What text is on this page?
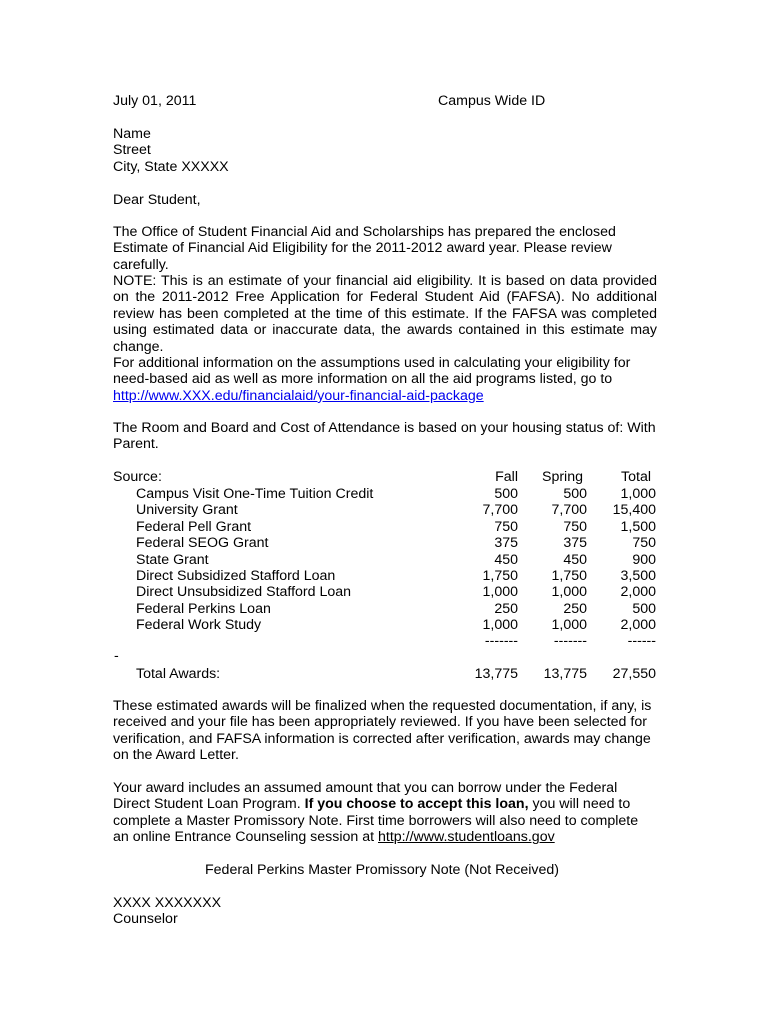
July 01, 2011	Campus Wide ID
Name
Street
City, State XXXXX
Dear Student,

The Office of Student Financial Aid and Scholarships has prepared the enclosed Estimate of Financial Aid Eligibility for the 2011-2012 award year. Please review carefully.

NOTE: This is an estimate of your financial aid eligibility. It is based on data provided on the 2011-2012 Free Application for Federal Student Aid (FAFSA). No additional review has been completed at the time of this estimate. If the FAFSA was completed using estimated data or inaccurate data, the awards contained in this estimate may change.

For additional information on the assumptions used in calculating your eligibility for need-based aid as well as more information on all the aid programs listed, go to
http://www.XXX.edu/financialaid/your-financial-aid-package

The Room and Board and Cost of Attendance is based on your housing status of: With Parent.

Source:	Fall Spring	Total
Campus Visit One-Time Tuition Credit	500	500 1,000
University Grant	7,700 7,700 15,400
Federal Pell Grant	750	750 1,500
Federal SEOG Grant	375	375	750
State Grant	450	450	900
Direct Subsidized Stafford Loan	1,750 1,750 3,500
Direct Unsubsidized Stafford Loan	1,000 1,000 2,000
Federal Perkins Loan	250	250	500
Federal Work Study	1,000 1,000 2,000
-------	-------	------
-
Total Awards:	13,775 13,775 27,550

These estimated awards will be finalized when the requested documentation, if any, is received and your file has been appropriately reviewed. If you have been selected for verification, and FAFSA information is corrected after verification, awards may change on the Award Letter.

Your award includes an assumed amount that you can borrow under the Federal Direct Student Loan Program. If you choose to accept this loan, you will need to complete a Master Promissory Note. First time borrowers will also need to complete an online Entrance Counseling session at http://www.studentloans.gov

Federal Perkins Master Promissory Note (Not Received)
XXXX XXXXXXX
Counselor
